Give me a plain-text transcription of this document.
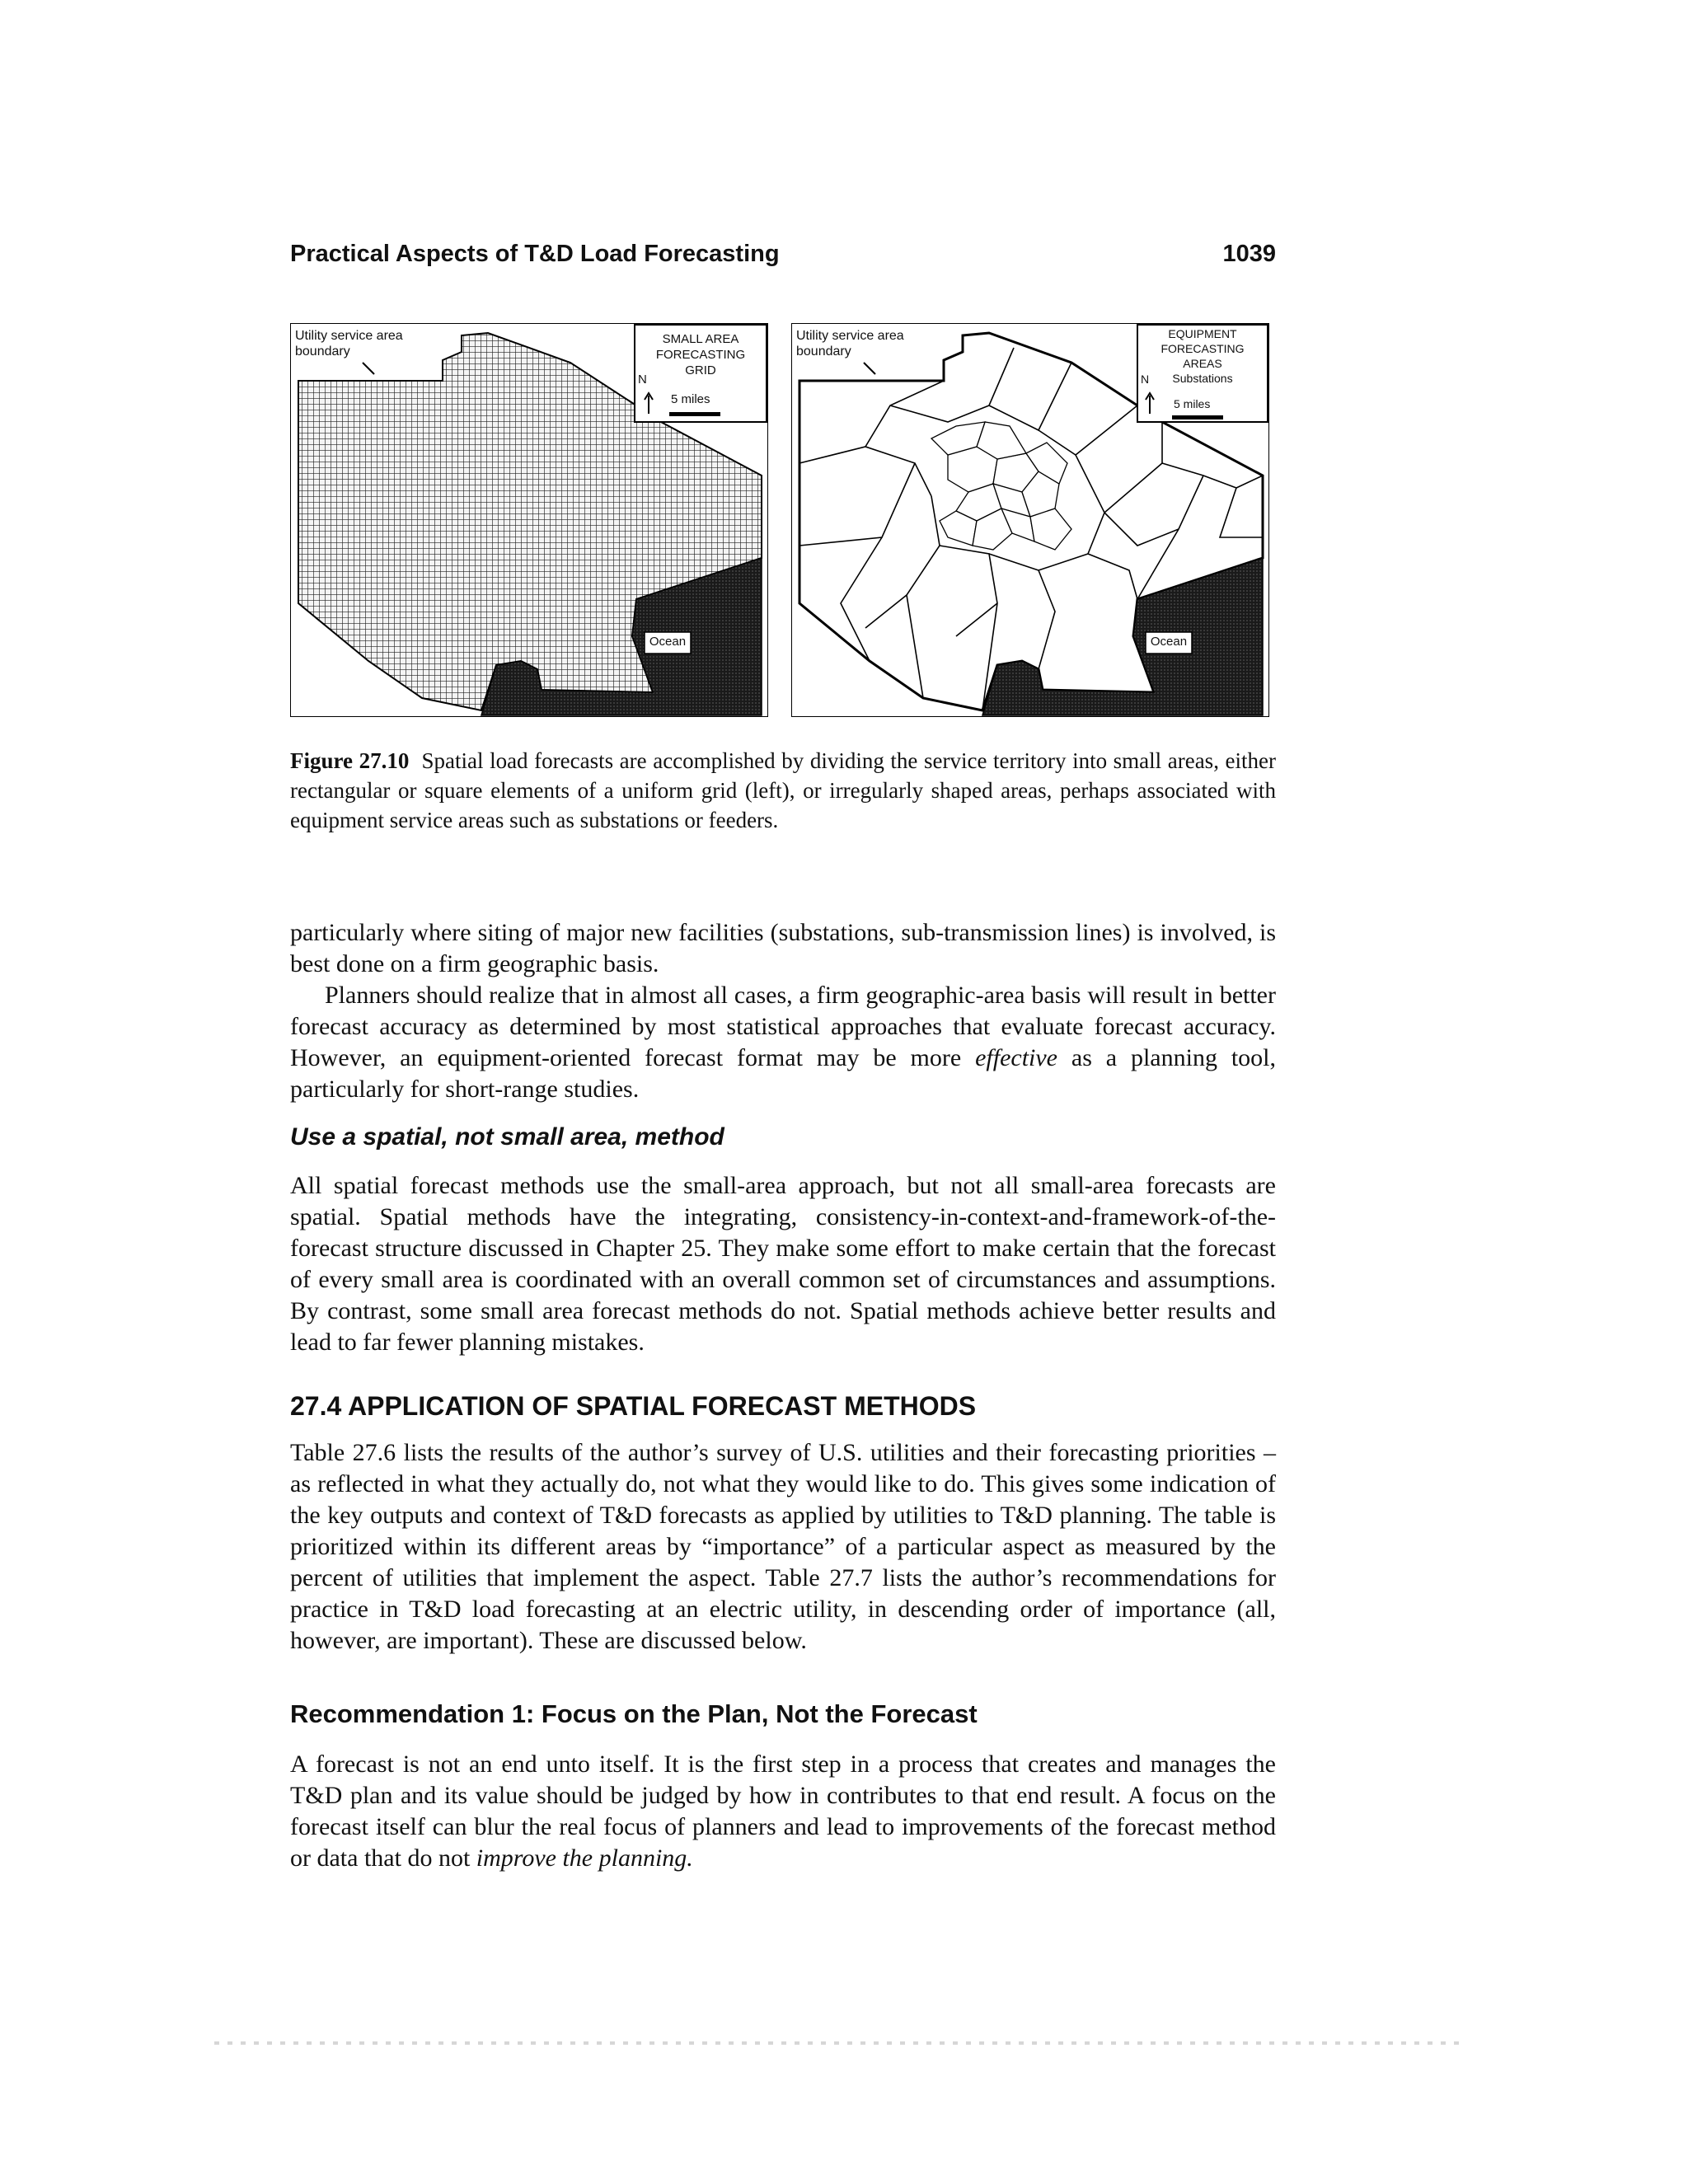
Practical Aspects of T&D Load Forecasting	1039
Utility service area
boundary
SMALL AREA
FORECASTING
GRID
N
5 miles
Ocean
Utility service area
boundary
EQUIPMENT
FORECASTING
AREAS
Substations
N
5 miles
Ocean
Figure 27.10 Spatial load forecasts are accomplished by dividing the service territory into small areas, either rectangular or square elements of a uniform grid (left), or irregularly shaped areas, perhaps associated with equipment service areas such as substations or feeders.

particularly where siting of major new facilities (substations, sub-transmission lines) is involved, is best done on a firm geographic basis.

Planners should realize that in almost all cases, a firm geographic-area basis will result in better forecast accuracy as determined by most statistical approaches that evaluate forecast accuracy. However, an equipment-oriented forecast format may be more effective as a planning tool, particularly for short-range studies.

Use a spatial, not small area, method

All spatial forecast methods use the small-area approach, but not all small-area forecasts are spatial. Spatial methods have the integrating, consistency-in-context-and-framework-of-the-forecast structure discussed in Chapter 25. They make some effort to make certain that the forecast of every small area is coordinated with an overall common set of circumstances and assumptions. By contrast, some small area forecast methods do not. Spatial methods achieve better results and lead to far fewer planning mistakes.

27.4 APPLICATION OF SPATIAL FORECAST METHODS

Table 27.6 lists the results of the author’s survey of U.S. utilities and their forecasting priorities – as reflected in what they actually do, not what they would like to do. This gives some indication of the key outputs and context of T&D forecasts as applied by utilities to T&D planning. The table is prioritized within its different areas by “importance” of a particular aspect as measured by the percent of utilities that implement the aspect. Table 27.7 lists the author’s recommendations for practice in T&D load forecasting at an electric utility, in descending order of importance (all, however, are important). These are discussed below.

Recommendation 1: Focus on the Plan, Not the Forecast

A forecast is not an end unto itself. It is the first step in a process that creates and manages the T&D plan and its value should be judged by how in contributes to that end result. A focus on the forecast itself can blur the real focus of planners and lead to improvements of the forecast method or data that do not improve the planning.
